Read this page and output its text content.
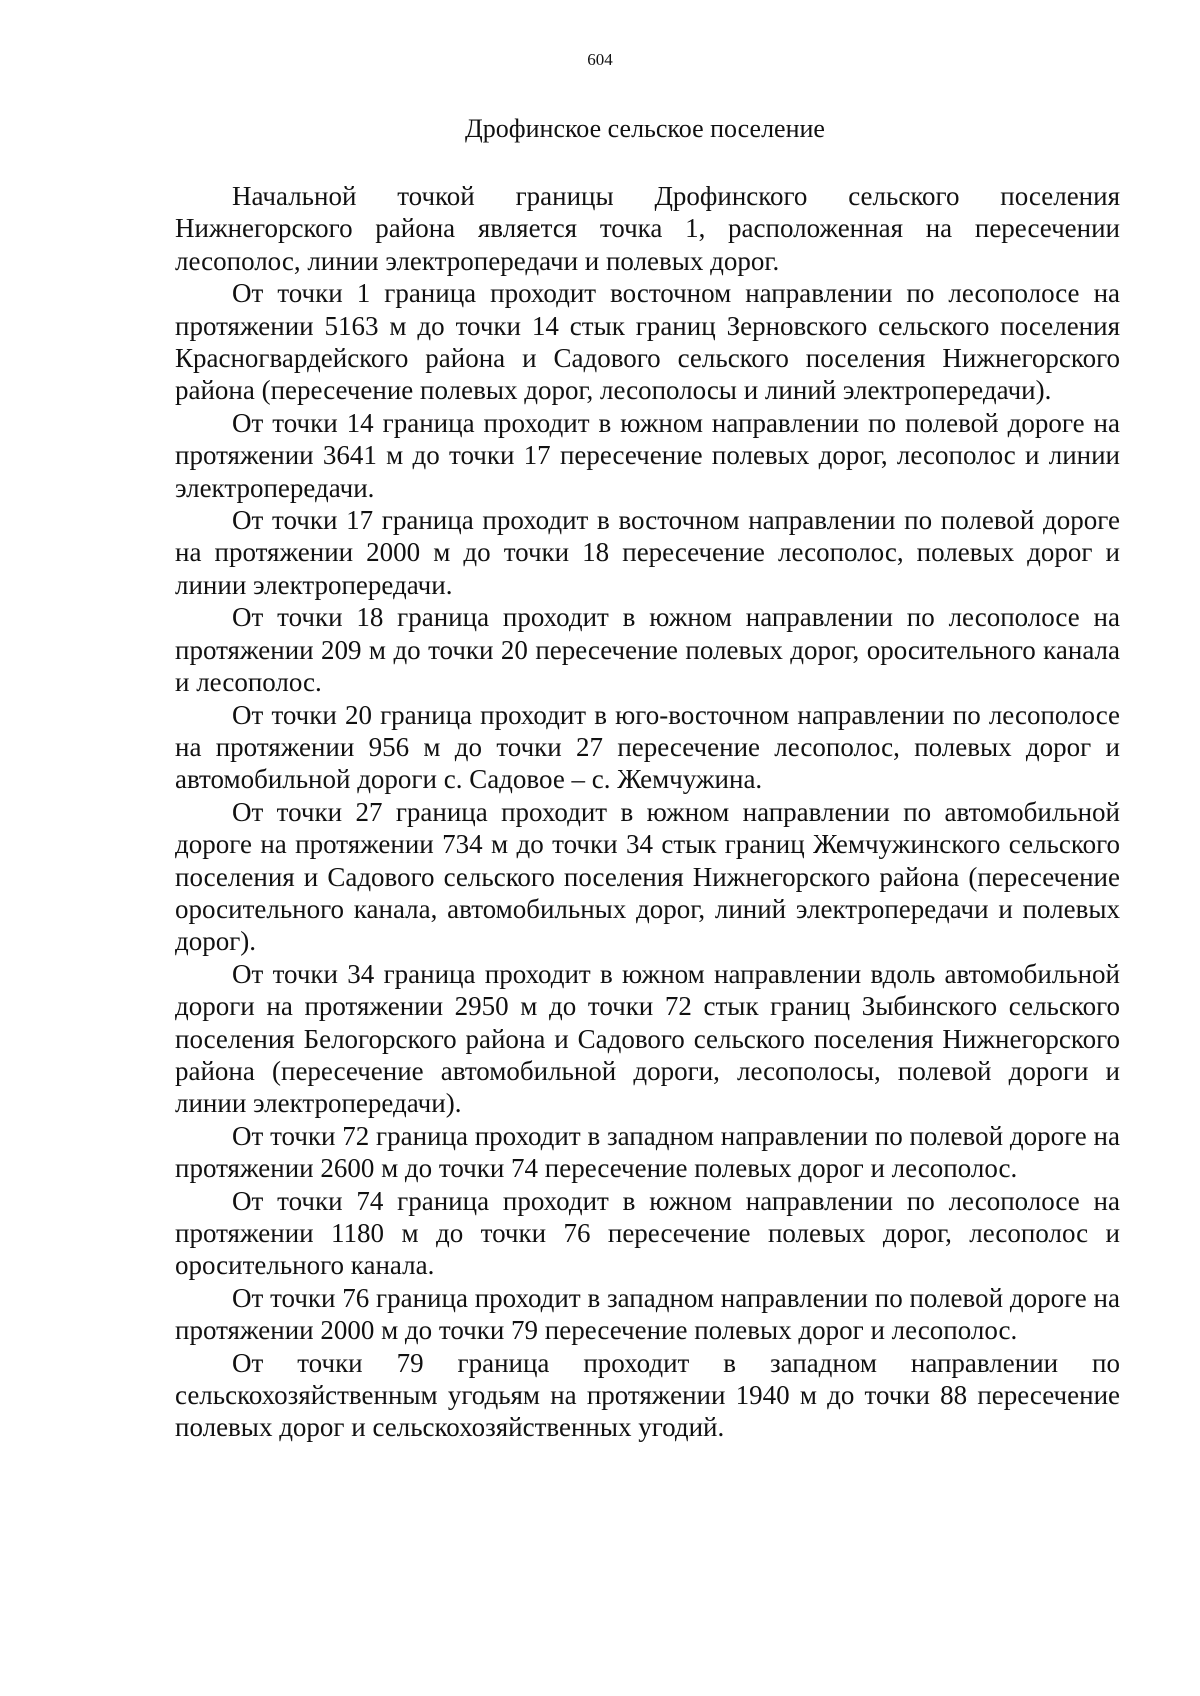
604
Дрофинское сельское поселение

Начальной точкой границы Дрофинского сельского поселения Нижнегорского района является точка 1, расположенная на пересечении лесополос, линии электропередачи и полевых дорог.

От точки 1 граница проходит восточном направлении по лесополосе на протяжении 5163 м до точки 14 стык границ Зерновского сельского поселения Красногвардейского района и Садового сельского поселения Нижнегорского района (пересечение полевых дорог, лесополосы и линий электропередачи).

От точки 14 граница проходит в южном направлении по полевой дороге на протяжении 3641 м до точки 17 пересечение полевых дорог, лесополос и линии электропередачи.

От точки 17 граница проходит в восточном направлении по полевой дороге на протяжении 2000 м до точки 18 пересечение лесополос, полевых дорог и линии электропередачи.

От точки 18 граница проходит в южном направлении по лесополосе на протяжении 209 м до точки 20 пересечение полевых дорог, оросительного канала и лесополос.

От точки 20 граница проходит в юго-восточном направлении по лесополосе на протяжении 956 м до точки 27 пересечение лесополос, полевых дорог и автомобильной дороги с. Садовое – с. Жемчужина.

От точки 27 граница проходит в южном направлении по автомобильной дороге на протяжении 734 м до точки 34 стык границ Жемчужинского сельского поселения и Садового сельского поселения Нижнегорского района (пересечение оросительного канала, автомобильных дорог, линий электропередачи и полевых дорог).

От точки 34 граница проходит в южном направлении вдоль автомобильной дороги на протяжении 2950 м до точки 72 стык границ Зыбинского сельского поселения Белогорского района и Садового сельского поселения Нижнегорского района (пересечение автомобильной дороги, лесополосы, полевой дороги и линии электропередачи).

От точки 72 граница проходит в западном направлении по полевой дороге на протяжении 2600 м до точки 74 пересечение полевых дорог и лесополос.

От точки 74 граница проходит в южном направлении по лесополосе на протяжении 1180 м до точки 76 пересечение полевых дорог, лесополос и оросительного канала.

От точки 76 граница проходит в западном направлении по полевой дороге на протяжении 2000 м до точки 79 пересечение полевых дорог и лесополос.

От точки 79 граница проходит в западном направлении по сельскохозяйственным угодьям на протяжении 1940 м до точки 88 пересечение полевых дорог и сельскохозяйственных угодий.
